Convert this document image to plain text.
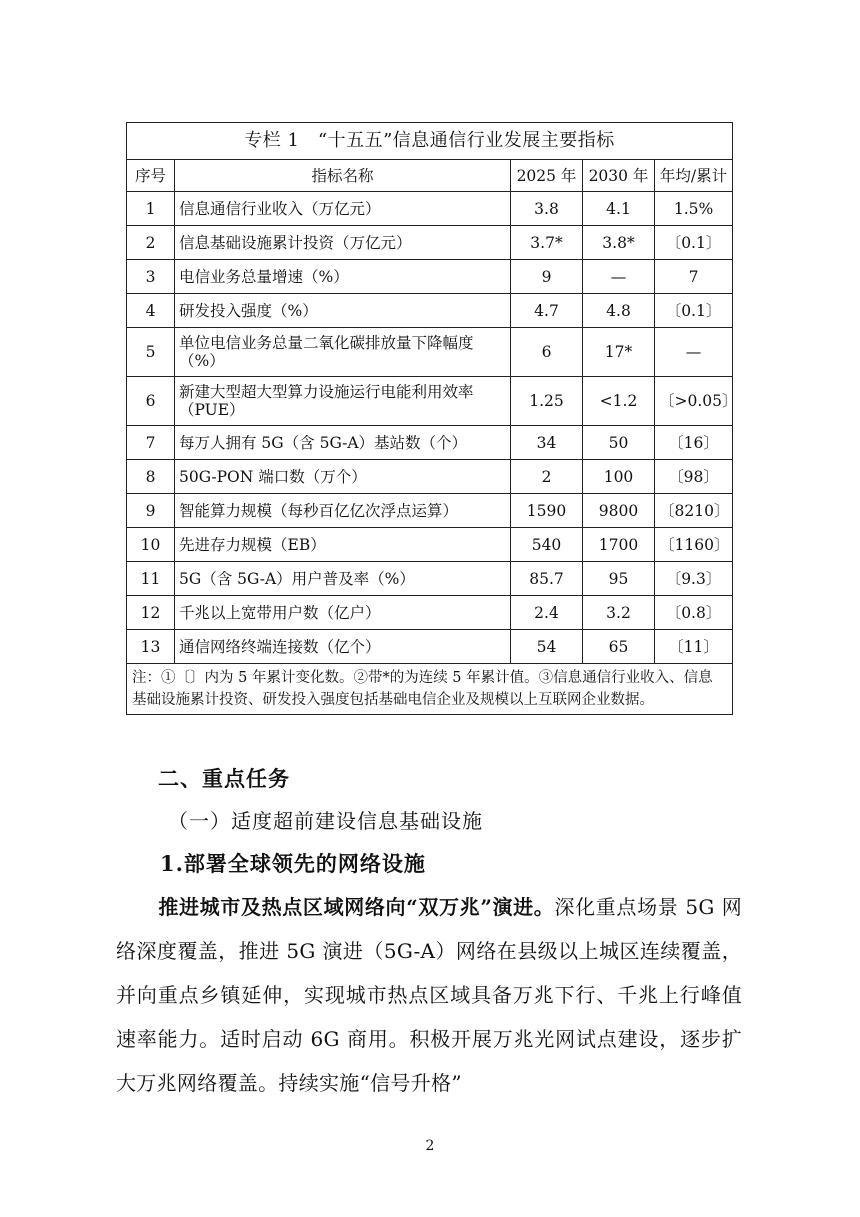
专栏 1　“十五五”信息通信行业发展主要指标				
序号	指标名称	2025 年	2030 年	年均/累计
1	信息通信行业收入（万亿元）	3.8	4.1	1.5%
2	信息基础设施累计投资（万亿元）	3.7*	3.8*	〔0.1〕
3	电信业务总量增速（%）	9	—	7
4	研发投入强度（%）	4.7	4.8	〔0.1〕
5	单位电信业务总量二氧化碳排放量下降幅度（%）	6	17*	—
6	新建大型超大型算力设施运行电能利用效率（PUE）	1.25	<1.2	〔>0.05〕
7	每万人拥有 5G（含 5G-A）基站数（个）	34	50	〔16〕
8	50G-PON 端口数（万个）	2	100	〔98〕
9	智能算力规模（每秒百亿亿次浮点运算）	1590	9800	〔8210〕
10	先进存力规模（EB）	540	1700	〔1160〕
11	5G（含 5G-A）用户普及率（%）	85.7	95	〔9.3〕
12	千兆以上宽带用户数（亿户）	2.4	3.2	〔0.8〕
13	通信网络终端连接数（亿个）	54	65	〔11〕
注：①〔〕内为 5 年累计变化数。②带*的为连续 5 年累计值。③信息通信行业收入、信息基础设施累计投资、研发投入强度包括基础电信企业及规模以上互联网企业数据。				
二、重点任务
（一）适度超前建设信息基础设施
1.部署全球领先的网络设施
推进城市及热点区域网络向“双万兆”演进。深化重点场景 5G 网络深度覆盖，推进 5G 演进（5G-A）网络在县级以上城区连续覆盖，并向重点乡镇延伸，实现城市热点区域具备万兆下行、千兆上行峰值速率能力。适时启动 6G 商用。积极开展万兆光网试点建设，逐步扩大万兆网络覆盖。持续实施“信号升格”
2
